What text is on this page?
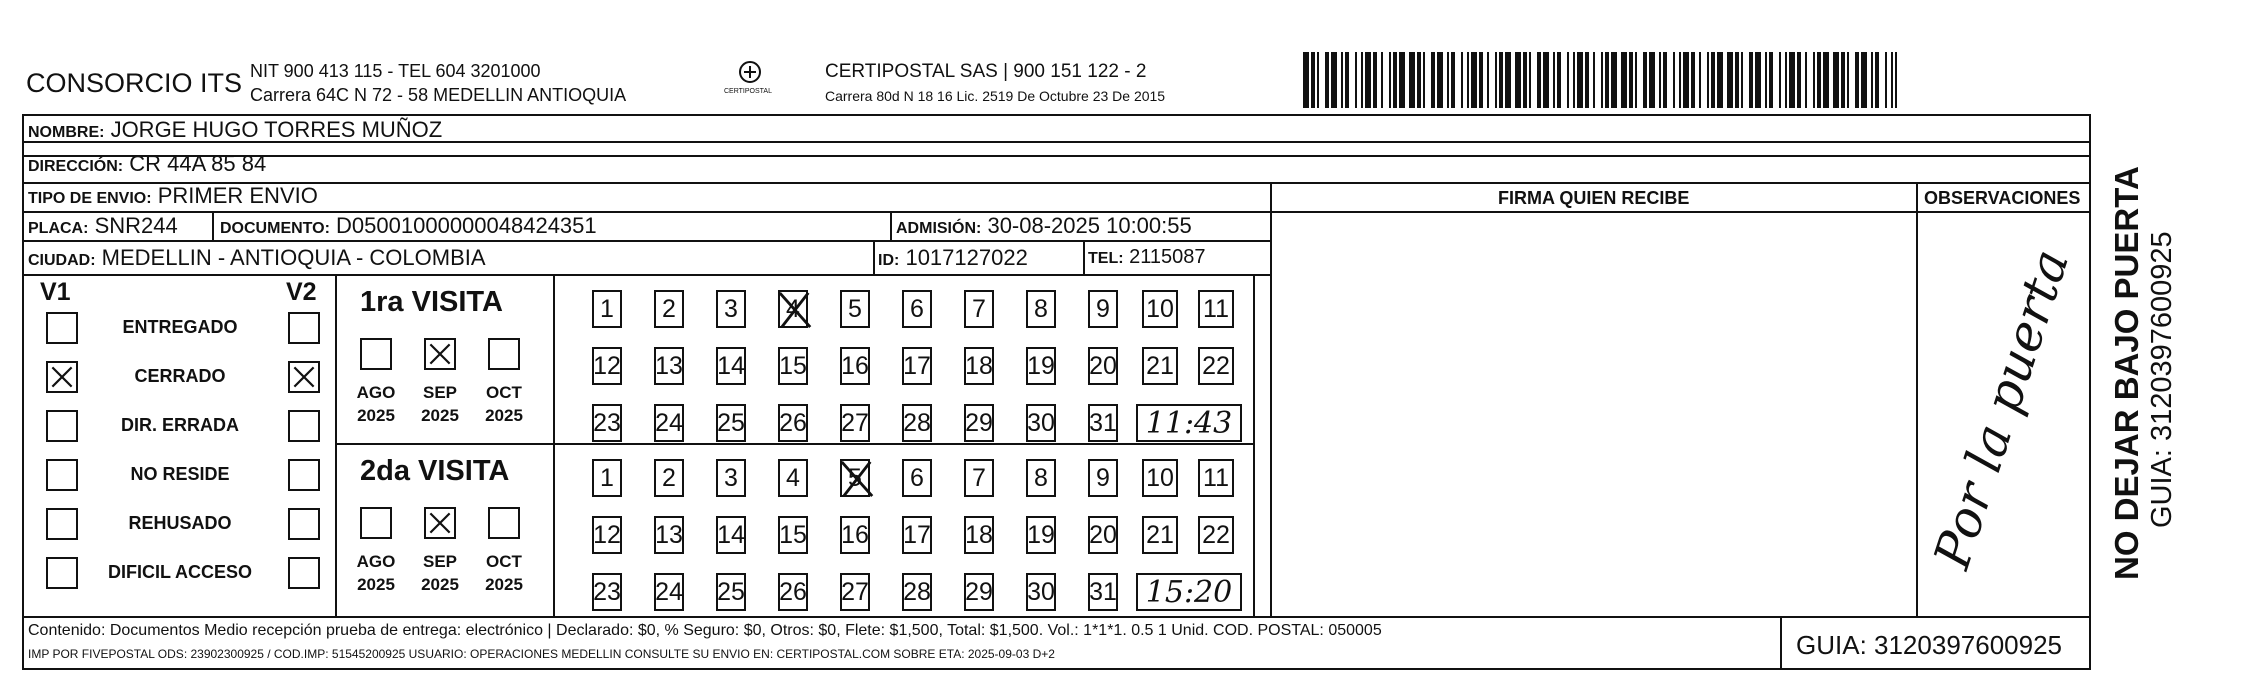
CONSORCIO ITS NIT 900 413 115 - TEL 604 3201000
Carrera 64C N 72 - 58 MEDELLIN ANTIOQUIA	CERTIPOSTAL
CERTIPOSTAL SAS | 900 151 122 - 2
Carrera 80d N 18 16 Lic. 2519 De Octubre 23 De 2015
NOMBRE: JORGE HUGO TORRES MUÑOZ
DIRECCIÓN: CR 44A 85 84
TIPO DE ENVIO: PRIMER ENVIO
PLACA: SNR244	DOCUMENTO: D05001000000048424351	ADMISIÓN: 30-08-2025 10:00:55
CIUDAD: MEDELLIN - ANTIOQUIA - COLOMBIA	ID: 1017127022	TEL: 2115087
FIRMA QUIEN RECIBE	OBSERVACIONES
Por la puerta
V1	V2
ENTREGADO
CERRADO
DIR. ERRADA
NO RESIDE
REHUSADO
DIFICIL ACCESO
1ra VISITA
AGO
2025
SEP
2025
OCT
2025
1	2	3	4	5	6	7	8	9	10 11
12 13 14 15 16 17 18 19 20 21 22
23 24 25 26 27 28 29 30 31 11:43
2da VISITA
AGO
2025
SEP
2025
OCT
2025
1	2	3	4	5	6	7	8	9	10 11
12 13 14 15 16 17 18 19 20 21 22
23 24 25 26 27 28 29 30 31 15:20
Contenido: Documentos Medio recepción prueba de entrega: electrónico | Declarado: $0, % Seguro: $0, Otros: $0, Flete: $1,500, Total: $1,500. Vol.: 1*1*1. 0.5 1 Unid. COD. POSTAL: 050005
IMP POR FIVEPOSTAL ODS: 23902300925 / COD.IMP: 51545200925 USUARIO: OPERACIONES MEDELLIN CONSULTE SU ENVIO EN: CERTIPOSTAL.COM SOBRE ETA: 2025-09-03 D+2	GUIA: 3120397600925
NO DEJAR BAJO PUERTA GUIA: 3120397600925
